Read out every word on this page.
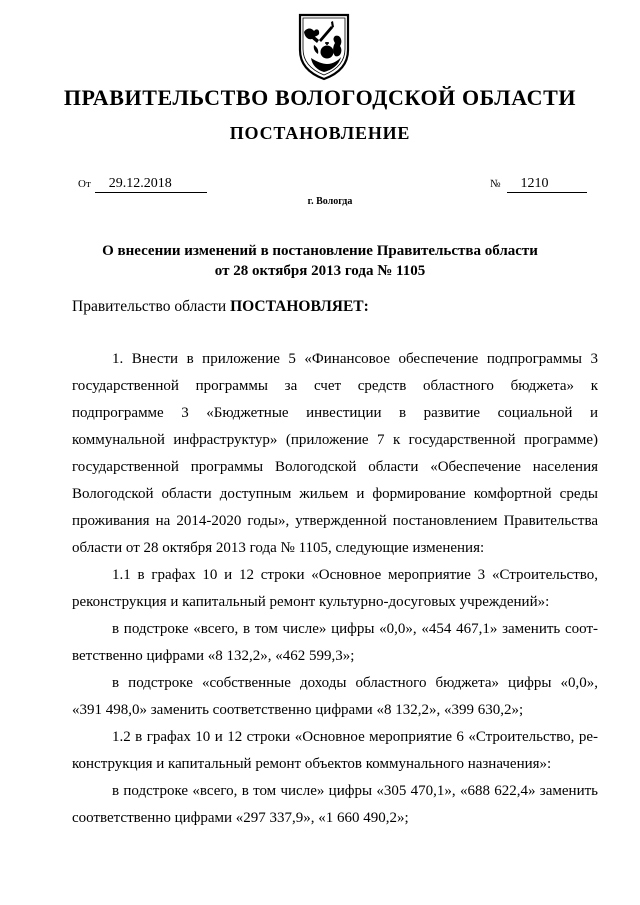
ПРАВИТЕЛЬСТВО ВОЛОГОДСКОЙ ОБЛАСТИ
ПОСТАНОВЛЕНИЕ
От 29.12.2018	№ 1210
г. Вологда
О внесении изменений в постановление Правительства области
от 28 октября 2013 года № 1105
Правительство области ПОСТАНОВЛЯЕТ:
1. Внести в приложение 5 «Финансовое обеспечение подпрограммы 3
государственной программы за счет средств областного бюджета» к
подпрограмме 3 «Бюджетные инвестиции в развитие социальной и
коммунальной инфраструктур» (приложение 7 к государственной программе)
государственной программы Вологодской области «Обеспечение населения
Вологодской области доступным жильем и формирование комфортной среды
проживания на 2014-2020 годы», утвержденной постановлением Правительства
области от 28 октября 2013 года № 1105, следующие изменения:
1.1 в графах 10 и 12 строки «Основное мероприятие 3 «Строительство,
реконструкция и капитальный ремонт культурно-досуговых учреждений»:
в подстроке «всего, в том числе» цифры «0,0», «454 467,1» заменить соот-
ветственно цифрами «8 132,2», «462 599,3»;
в подстроке «собственные доходы областного бюджета» цифры «0,0»,
«391 498,0» заменить соответственно цифрами «8 132,2», «399 630,2»;
1.2 в графах 10 и 12 строки «Основное мероприятие 6 «Строительство, ре-
конструкция и капитальный ремонт объектов коммунального назначения»:
в подстроке «всего, в том числе» цифры «305 470,1», «688 622,4» заменить
соответственно цифрами «297 337,9», «1 660 490,2»;
